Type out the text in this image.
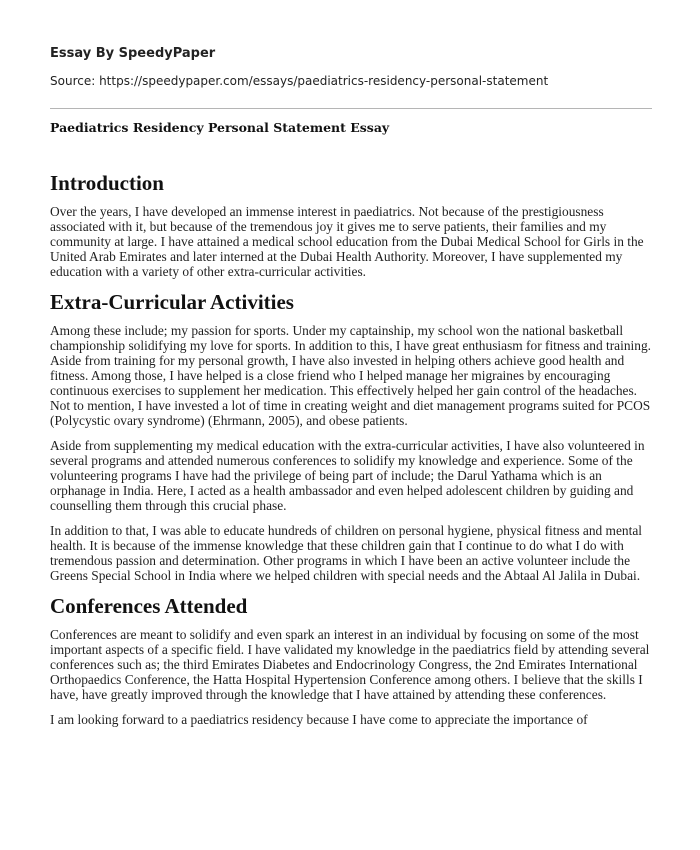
Essay By SpeedyPaper
Source: https://speedypaper.com/essays/paediatrics-residency-personal-statement
Paediatrics Residency Personal Statement Essay
Introduction

Over the years, I have developed an immense interest in paediatrics. Not because of the prestigiousness associated with it, but because of the tremendous joy it gives me to serve patients, their families and my community at large. I have attained a medical school education from the Dubai Medical School for Girls in the United Arab Emirates and later interned at the Dubai Health Authority. Moreover, I have supplemented my education with a variety of other extra-curricular activities.

Extra-Curricular Activities

Among these include; my passion for sports. Under my captainship, my school won the national basketball championship solidifying my love for sports. In addition to this, I have great enthusiasm for fitness and training. Aside from training for my personal growth, I have also invested in helping others achieve good health and fitness. Among those, I have helped is a close friend who I helped manage her migraines by encouraging continuous exercises to supplement her medication. This effectively helped her gain control of the headaches. Not to mention, I have invested a lot of time in creating weight and diet management programs suited for PCOS (Polycystic ovary syndrome) (Ehrmann, 2005), and obese patients.

Aside from supplementing my medical education with the extra-curricular activities, I have also volunteered in several programs and attended numerous conferences to solidify my knowledge and experience. Some of the volunteering programs I have had the privilege of being part of include; the Darul Yathama which is an orphanage in India. Here, I acted as a health ambassador and even helped adolescent children by guiding and counselling them through this crucial phase.

In addition to that, I was able to educate hundreds of children on personal hygiene, physical fitness and mental health. It is because of the immense knowledge that these children gain that I continue to do what I do with tremendous passion and determination. Other programs in which I have been an active volunteer include the Greens Special School in India where we helped children with special needs and the Abtaal Al Jalila in Dubai.

Conferences Attended

Conferences are meant to solidify and even spark an interest in an individual by focusing on some of the most important aspects of a specific field. I have validated my knowledge in the paediatrics field by attending several conferences such as; the third Emirates Diabetes and Endocrinology Congress, the 2nd Emirates International Orthopaedics Conference, the Hatta Hospital Hypertension Conference among others. I believe that the skills I have, have greatly improved through the knowledge that I have attained by attending these conferences.

I am looking forward to a paediatrics residency because I have come to appreciate the importance of
